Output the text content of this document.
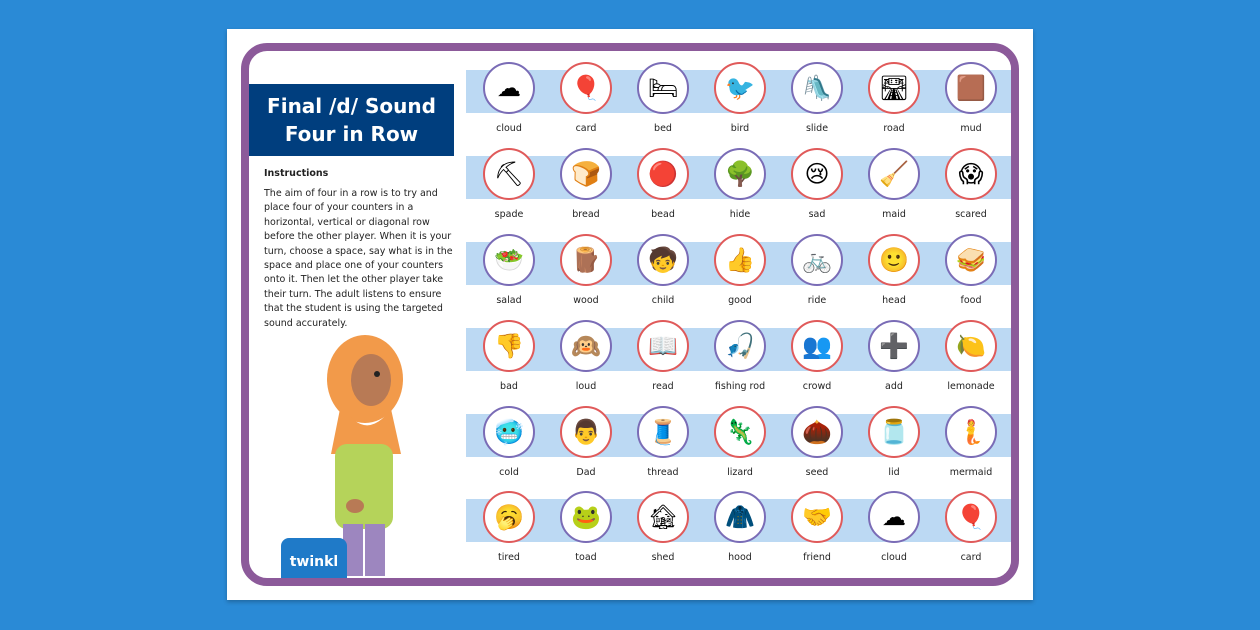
Final /d/ Sound
Four in Row
Instructions
The aim of four in a row is to try and place four of your counters in a horizontal, vertical or diagonal row before the other player. When it is your turn, choose a space, say what is in the space and place one of your counters onto it. Then let the other player take their turn. The adult listens to ensure that the student is using the targeted sound accurately.
twinkl
☁
cloud
🎈
card
🛏
bed
🐦
bird
🛝
slide
🛣
road
🟫
mud
⛏
spade
🍞
bread
🔴
bead
🌳
hide
😢
sad
🧹
maid
😱
scared
🥗
salad
🪵
wood
🧒
child
👍
good
🚲
ride
🙂
head
🥪
food
👎
bad
🙉
loud
📖
read
🎣
fishing rod
👥
crowd
➕
add
🍋
lemonade
🥶
cold
👨
Dad
🧵
thread
🦎
lizard
🌰
seed
🫙
lid
🧜
mermaid
🥱
tired
🐸
toad
🏚
shed
🧥
hood
🤝
friend
☁
cloud
🎈
card
